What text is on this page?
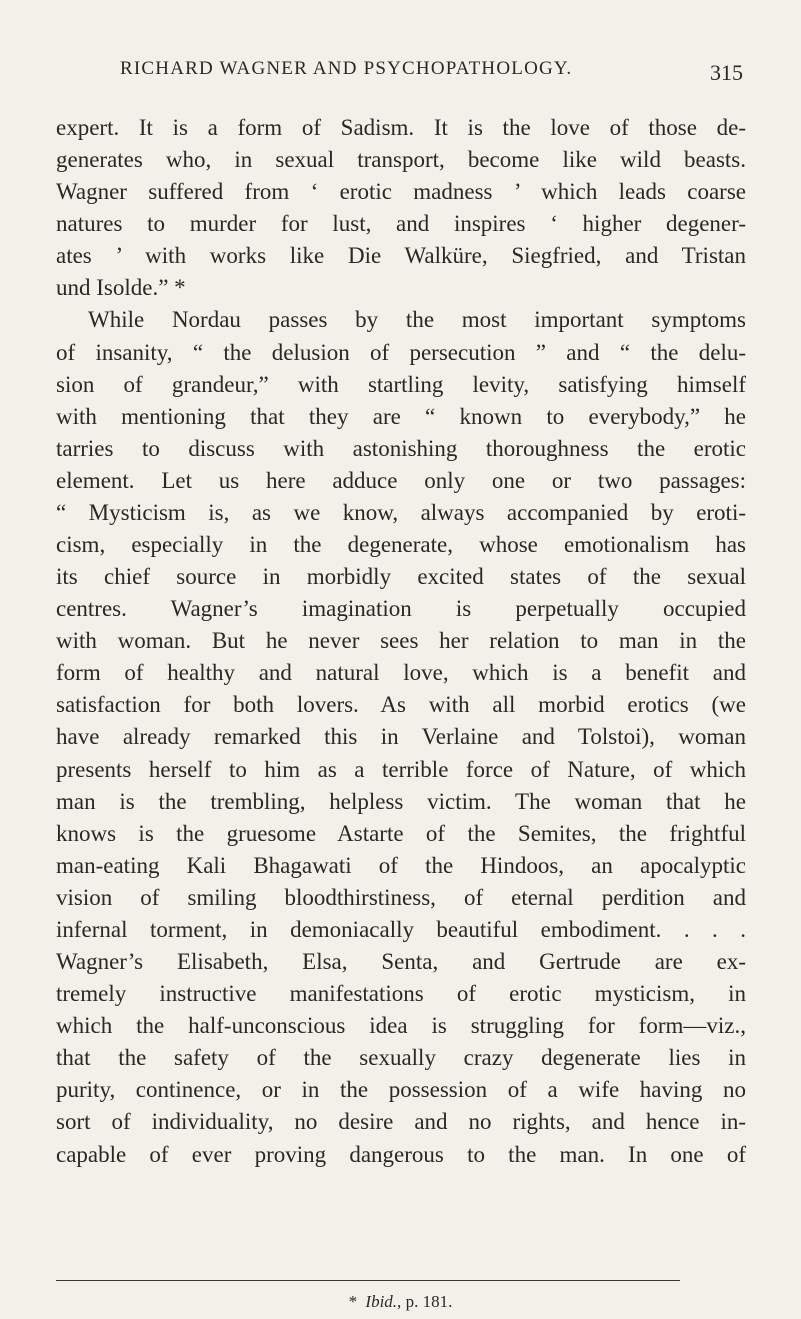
RICHARD WAGNER AND PSYCHOPATHOLOGY.	315
expert. It is a form of Sadism. It is the love of those de-
generates who, in sexual transport, become like wild beasts.
Wagner suffered from ‘ erotic madness ’ which leads coarse
natures to murder for lust, and inspires ‘ higher degener-
ates ’ with works like Die Walküre, Siegfried, and Tristan
und Isolde.” *
While Nordau passes by the most important symptoms
of insanity, “ the delusion of persecution ” and “ the delu-
sion of grandeur,” with startling levity, satisfying himself
with mentioning that they are “ known to everybody,” he
tarries to discuss with astonishing thoroughness the erotic
element. Let us here adduce only one or two passages:
“ Mysticism is, as we know, always accompanied by eroti-
cism, especially in the degenerate, whose emotionalism has
its chief source in morbidly excited states of the sexual
centres. Wagner’s imagination is perpetually occupied
with woman. But he never sees her relation to man in the
form of healthy and natural love, which is a benefit and
satisfaction for both lovers. As with all morbid erotics (we
have already remarked this in Verlaine and Tolstoi), woman
presents herself to him as a terrible force of Nature, of which
man is the trembling, helpless victim. The woman that he
knows is the gruesome Astarte of the Semites, the frightful
man-eating Kali Bhagawati of the Hindoos, an apocalyptic
vision of smiling bloodthirstiness, of eternal perdition and
infernal torment, in demoniacally beautiful embodiment. . . .
Wagner’s Elisabeth, Elsa, Senta, and Gertrude are ex-
tremely instructive manifestations of erotic mysticism, in
which the half-unconscious idea is struggling for form—viz.,
that the safety of the sexually crazy degenerate lies in
purity, continence, or in the possession of a wife having no
sort of individuality, no desire and no rights, and hence in-
capable of ever proving dangerous to the man. In one of
* Ibid., p. 181.
